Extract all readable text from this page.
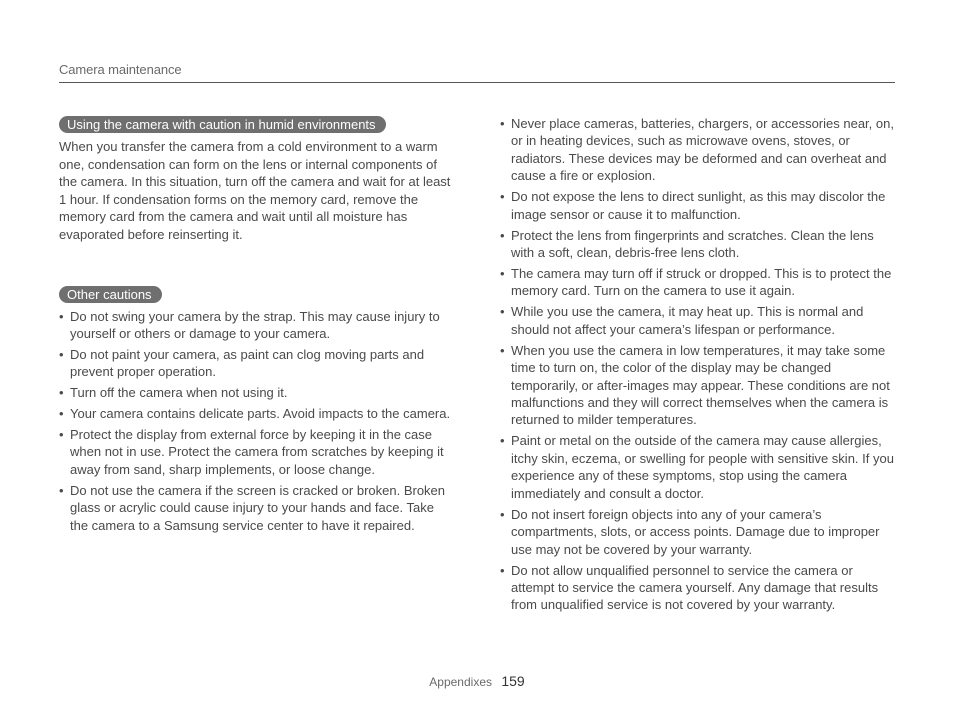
Camera maintenance
Using the camera with caution in humid environments

When you transfer the camera from a cold environment to a warm one, condensation can form on the lens or internal components of the camera. In this situation, turn off the camera and wait for at least 1 hour. If condensation forms on the memory card, remove the memory card from the camera and wait until all moisture has evaporated before reinserting it.

Other cautions
• Do not swing your camera by the strap. This may cause injury to yourself or others or damage to your camera.
• Do not paint your camera, as paint can clog moving parts and prevent proper operation.
• Turn off the camera when not using it.
• Your camera contains delicate parts. Avoid impacts to the camera.
• Protect the display from external force by keeping it in the case when not in use. Protect the camera from scratches by keeping it away from sand, sharp implements, or loose change.
• Do not use the camera if the screen is cracked or broken. Broken glass or acrylic could cause injury to your hands and face. Take the camera to a Samsung service center to have it repaired.
• Never place cameras, batteries, chargers, or accessories near, on, or in heating devices, such as microwave ovens, stoves, or radiators. These devices may be deformed and can overheat and cause a fire or explosion.
• Do not expose the lens to direct sunlight, as this may discolor the image sensor or cause it to malfunction.
• Protect the lens from fingerprints and scratches. Clean the lens with a soft, clean, debris-free lens cloth.
• The camera may turn off if struck or dropped. This is to protect the memory card. Turn on the camera to use it again.
• While you use the camera, it may heat up. This is normal and should not affect your camera’s lifespan or performance.
• When you use the camera in low temperatures, it may take some time to turn on, the color of the display may be changed temporarily, or after-images may appear. These conditions are not malfunctions and they will correct themselves when the camera is returned to milder temperatures.
• Paint or metal on the outside of the camera may cause allergies, itchy skin, eczema, or swelling for people with sensitive skin. If you experience any of these symptoms, stop using the camera immediately and consult a doctor.
• Do not insert foreign objects into any of your camera’s compartments, slots, or access points. Damage due to improper use may not be covered by your warranty.
• Do not allow unqualified personnel to service the camera or attempt to service the camera yourself. Any damage that results from unqualified service is not covered by your warranty.
Appendixes 159
